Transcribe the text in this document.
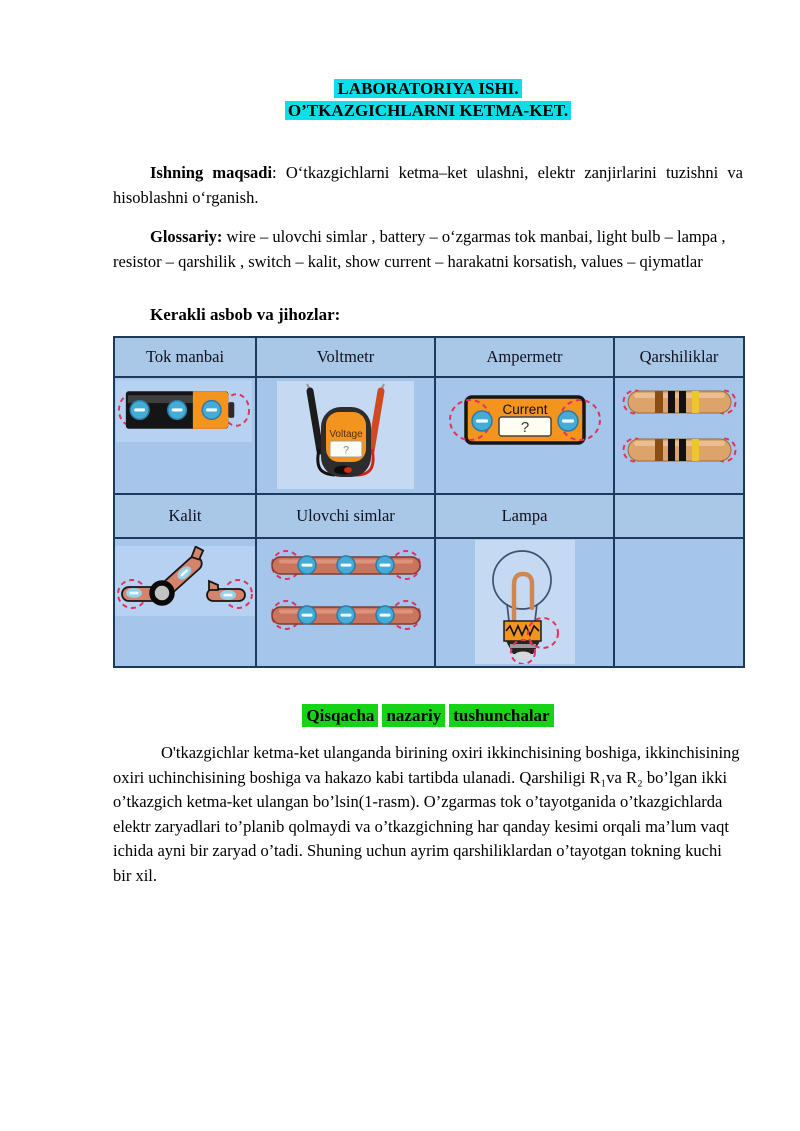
LABORATORIYA ISHI.
O’TKAZGICHLARNI KETMA-KET.

Ishning maqsadi: O‘tkazgichlarni ketma–ket ulashni, elektr zanjirlarini tuzishni va hisoblashni o‘rganish.

Glossariy: wire – ulovchi simlar , battery – o‘zgarmas tok manbai, light bulb – lampa , resistor – qarshilik , switch – kalit, show current – harakatni korsatish, values – qiymatlar

Kerakli asbob va jihozlar:
Tok manbai	Voltmetr	Ampermetr	Qarshiliklar

Voltage
?	Current
?

Kalit	Ulovchi simlar	Lampa	

Qisqacha nazariy tushunchalar

O'tkazgichlar ketma-ket ulanganda birining oxiri ikkinchisining boshiga, ikkinchisining oxiri uchinchisining boshiga va hakazo kabi tartibda ulanadi. Qarshiligi R₁va R₂ bo’lgan ikki o’tkazgich ketma-ket ulangan bo’lsin(1-rasm). O’zgarmas tok o’tayotganida o’tkazgichlarda elektr zaryadlari to’planib qolmaydi va o’tkazgichning har qanday kesimi orqali ma’lum vaqt ichida ayni bir zaryad o’tadi. Shuning uchun ayrim qarshiliklardan o’tayotgan tokning kuchi bir xil.
